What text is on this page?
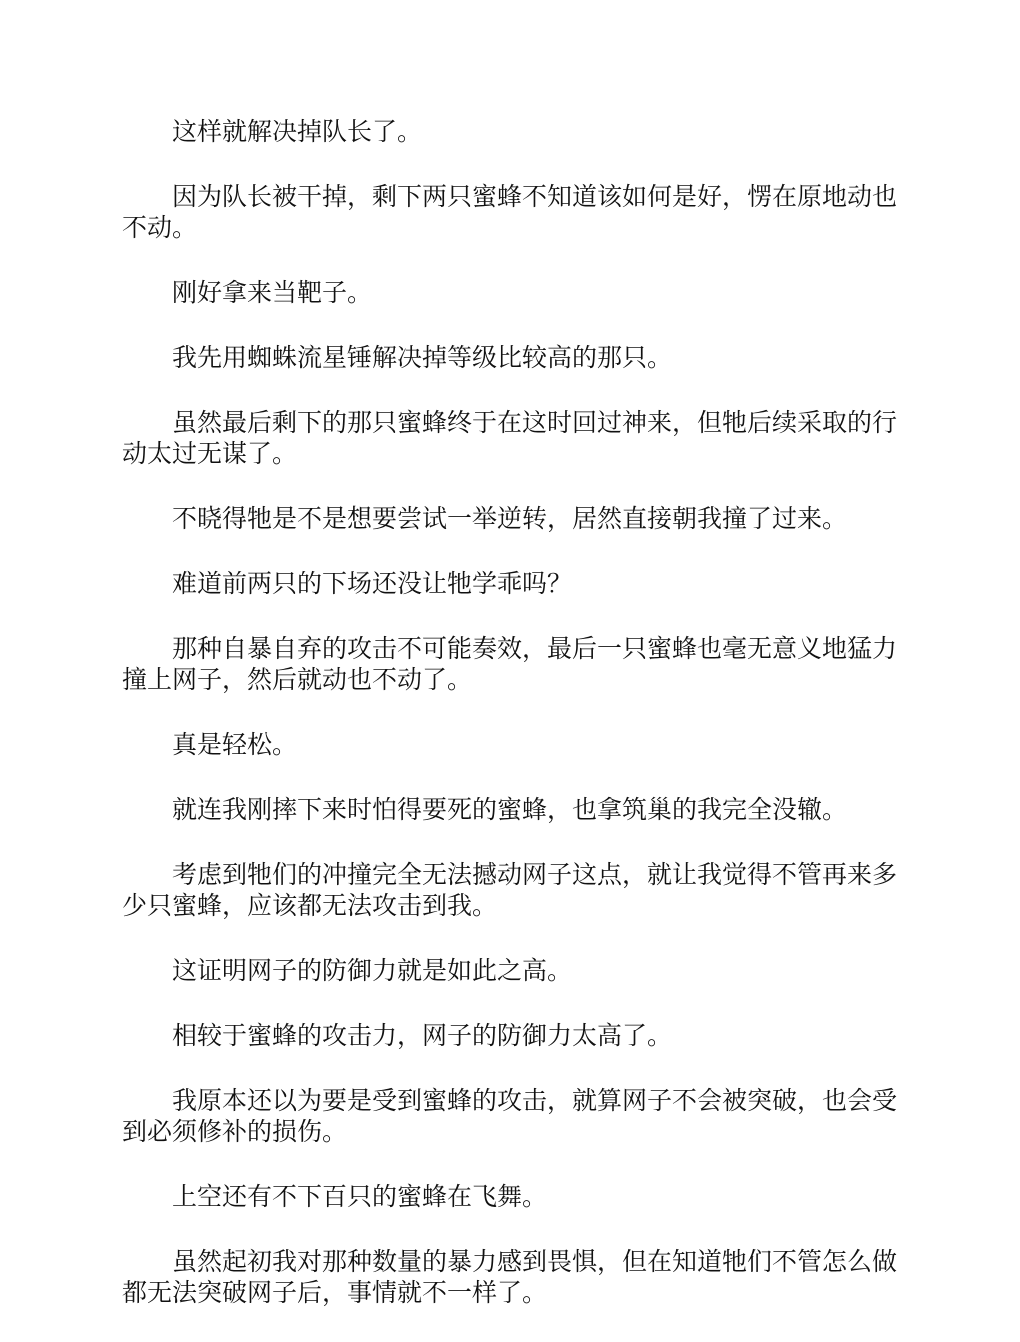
这样就解决掉队长了。

因为队长被干掉，剩下两只蜜蜂不知道该如何是好，愣在原地动也不动。

刚好拿来当靶子。

我先用蜘蛛流星锤解决掉等级比较高的那只。

虽然最后剩下的那只蜜蜂终于在这时回过神来，但牠后续采取的行动太过无谋了。

不晓得牠是不是想要尝试一举逆转，居然直接朝我撞了过来。

难道前两只的下场还没让牠学乖吗？

那种自暴自弃的攻击不可能奏效，最后一只蜜蜂也毫无意义地猛力撞上网子，然后就动也不动了。

真是轻松。

就连我刚摔下来时怕得要死的蜜蜂，也拿筑巢的我完全没辙。

考虑到牠们的冲撞完全无法撼动网子这点，就让我觉得不管再来多少只蜜蜂，应该都无法攻击到我。

这证明网子的防御力就是如此之高。

相较于蜜蜂的攻击力，网子的防御力太高了。

我原本还以为要是受到蜜蜂的攻击，就算网子不会被突破，也会受到必须修补的损伤。

上空还有不下百只的蜜蜂在飞舞。

虽然起初我对那种数量的暴力感到畏惧，但在知道牠们不管怎么做都无法突破网子后，事情就不一样了。
